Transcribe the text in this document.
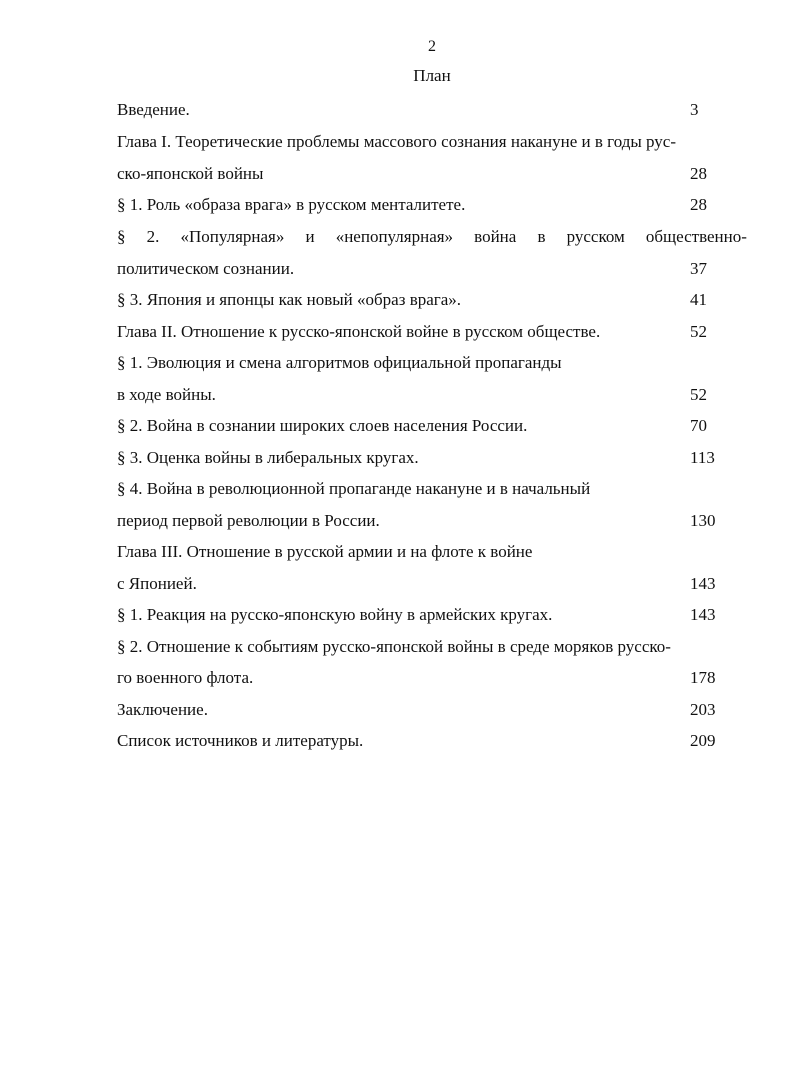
2
План
Введение.	3
Глава I. Теоретические проблемы массового сознания накануне и в годы рус-
ско-японской войны	28
§ 1. Роль «образа врага» в русском менталитете.	28
§ 2. «Популярная» и «непопулярная» война в русском общественно-
политическом сознании.	37
§ 3. Япония и японцы как новый «образ врага».	41
Глава II. Отношение к русско-японской войне в русском обществе.	52
§ 1. Эволюция и смена алгоритмов официальной пропаганды
в ходе войны.	52
§ 2. Война в сознании широких слоев населения России.	70
§ 3. Оценка войны в либеральных кругах.	113
§ 4. Война в революционной пропаганде накануне и в начальный
период первой революции в России.	130
Глава III. Отношение в русской армии и на флоте к войне
с Японией.	143
§ 1. Реакция на русско-японскую войну в армейских кругах.	143
§ 2. Отношение к событиям русско-японской войны в среде моряков русско-
го военного флота.	178
Заключение.	203
Список источников и литературы.	209
